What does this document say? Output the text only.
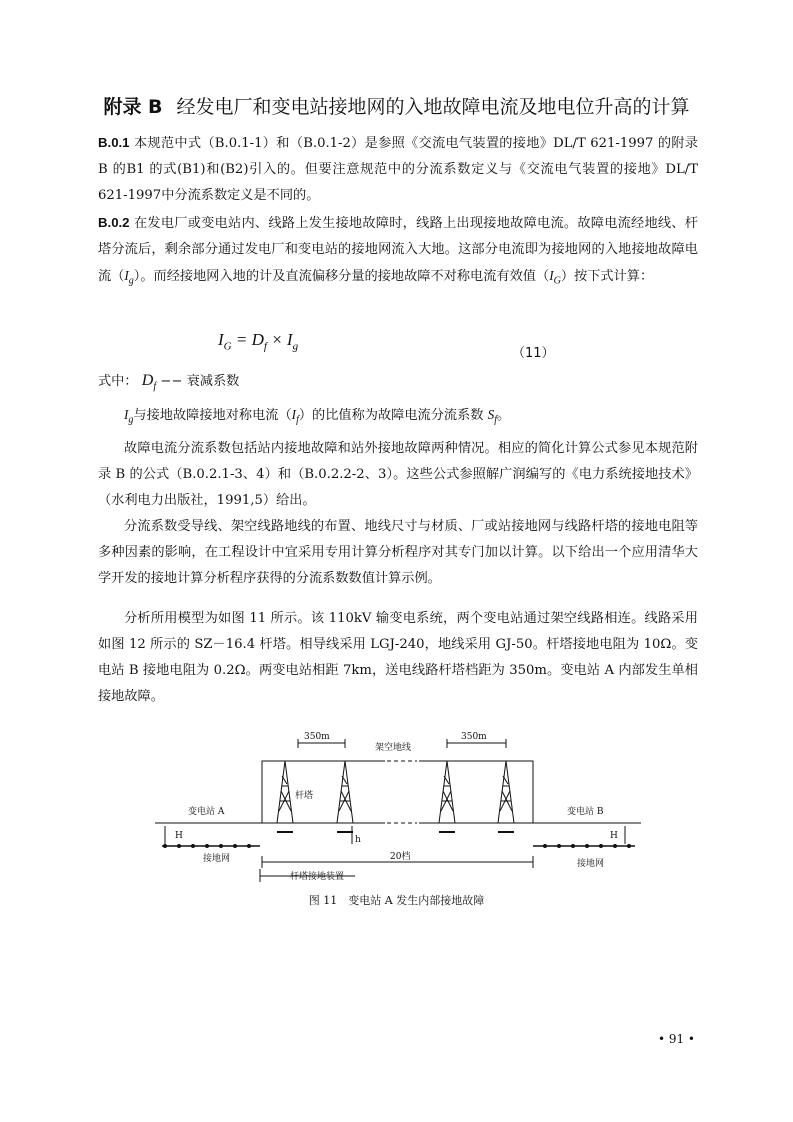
附录 B 经发电厂和变电站接地网的入地故障电流及地电位升高的计算
B.0.1 本规范中式（B.0.1-1）和（B.0.1-2）是参照《交流电气装置的接地》DL/T 621-1997 的附录 B 的B1 的式(B1)和(B2)引入的。但要注意规范中的分流系数定义与《交流电气装置的接地》DL/T 621-1997中分流系数定义是不同的。
B.0.2 在发电厂或变电站内、线路上发生接地故障时，线路上出现接地故障电流。故障电流经地线、杆塔分流后，剩余部分通过发电厂和变电站的接地网流入大地。这部分电流即为接地网的入地接地故障电流$(I_g)$。而经接地网入地的计及直流偏移分量的接地故障不对称电流有效值$(I_G)$按下式计算：
$I_G = D_f \times I_g$	（11）
式中： $D_f$ −− 衰减系数
$I_g$与接地故障接地对称电流$(I_f)$的比值称为故障电流分流系数 $S_f$。
故障电流分流系数包括站内接地故障和站外接地故障两种情况。相应的简化计算公式参见本规范附录 B 的公式（B.0.2.1-3、4）和（B.0.2.2-2、3）。这些公式参照解广润编写的《电力系统接地技术》（水利电力出版社，1991,5）给出。
分流系数受导线、架空线路地线的布置、地线尺寸与材质、厂或站接地网与线路杆塔的接地电阻等多种因素的影响，在工程设计中宜采用专用计算分析程序对其专门加以计算。以下给出一个应用清华大学开发的接地计算分析程序获得的分流系数数值计算示例。
分析所用模型为如图 11 所示。该 110kV 输变电系统，两个变电站通过架空线路相连。线路采用如图 12 所示的 SZ－16.4 杆塔。相导线采用 LGJ-240，地线采用 GJ-50。杆塔接地电阻为 10Ω。变电站 B 接地电阻为 0.2Ω。两变电站相距 7km，送电线路杆塔档距为 350m。变电站 A 内部发生单相接地故障。
350m	350m
架空地线
杆塔
变电站 A	变电站 B
H	H
h
接地网	接地网
20档
杆塔接地装置
图 11　变电站 A 发生内部接地故障
• 91 •
